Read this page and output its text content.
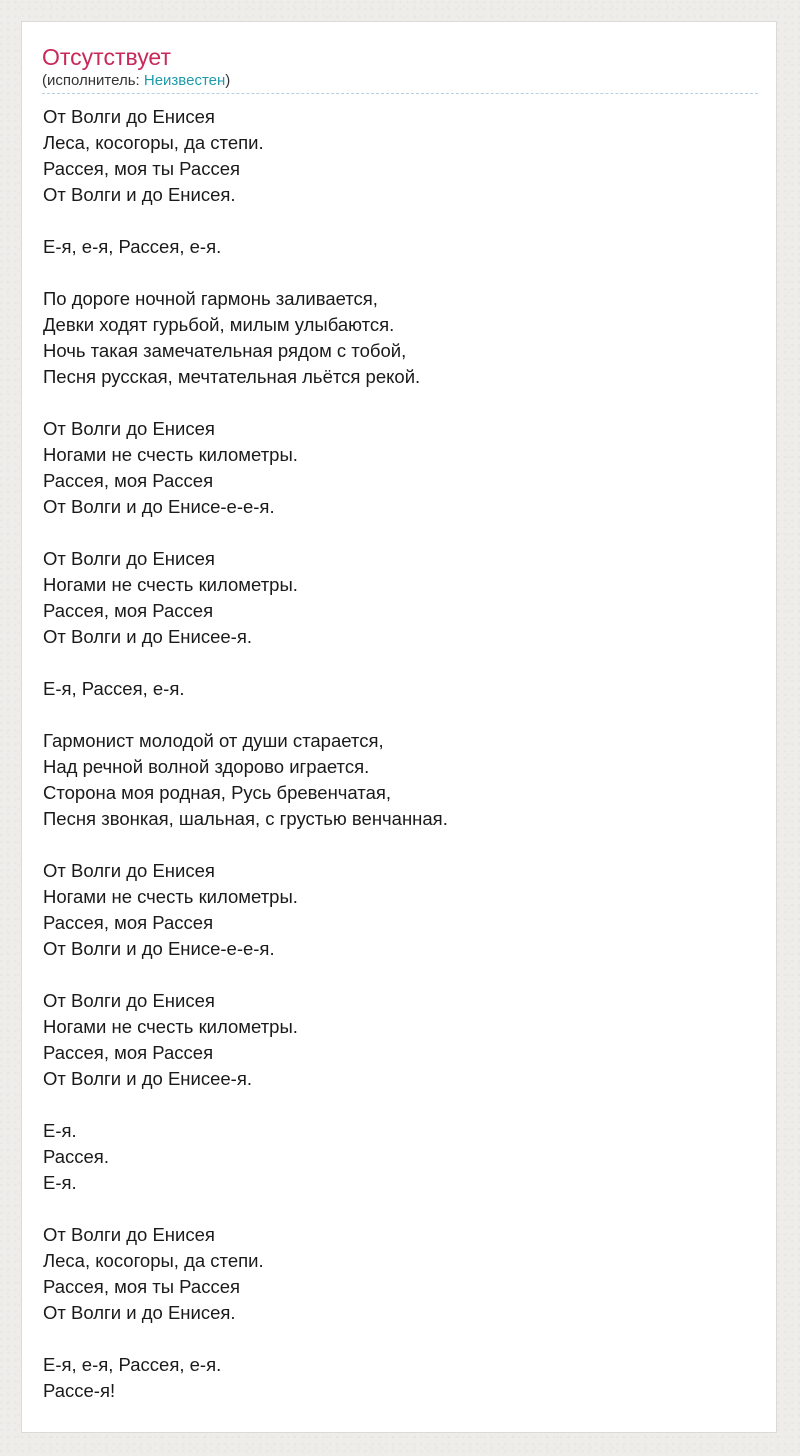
Отсутствует
(исполнитель: Неизвестен)
От Волги до Енисея
Леса, косогоры, да степи.
Рассея, моя ты Рассея
От Волги и до Енисея.
Е-я, е-я, Рассея, е-я.
По дороге ночной гармонь заливается,
Девки ходят гурьбой, милым улыбаются.
Ночь такая замечательная рядом с тобой,
Песня русская, мечтательная льётся рекой.
От Волги до Енисея
Ногами не счесть километры.
Рассея, моя Рассея
От Волги и до Енисе-е-е-я.
От Волги до Енисея
Ногами не счесть километры.
Рассея, моя Рассея
От Волги и до Енисее-я.
Е-я, Рассея, е-я.
Гармонист молодой от души старается,
Над речной волной здорово играется.
Сторона моя родная, Русь бревенчатая,
Песня звонкая, шальная, с грустью венчанная.
От Волги до Енисея
Ногами не счесть километры.
Рассея, моя Рассея
От Волги и до Енисе-е-е-я.
От Волги до Енисея
Ногами не счесть километры.
Рассея, моя Рассея
От Волги и до Енисее-я.
Е-я.
Рассея.
Е-я.
От Волги до Енисея
Леса, косогоры, да степи.
Рассея, моя ты Рассея
От Волги и до Енисея.
Е-я, е-я, Рассея, е-я.
Рассе-я!
